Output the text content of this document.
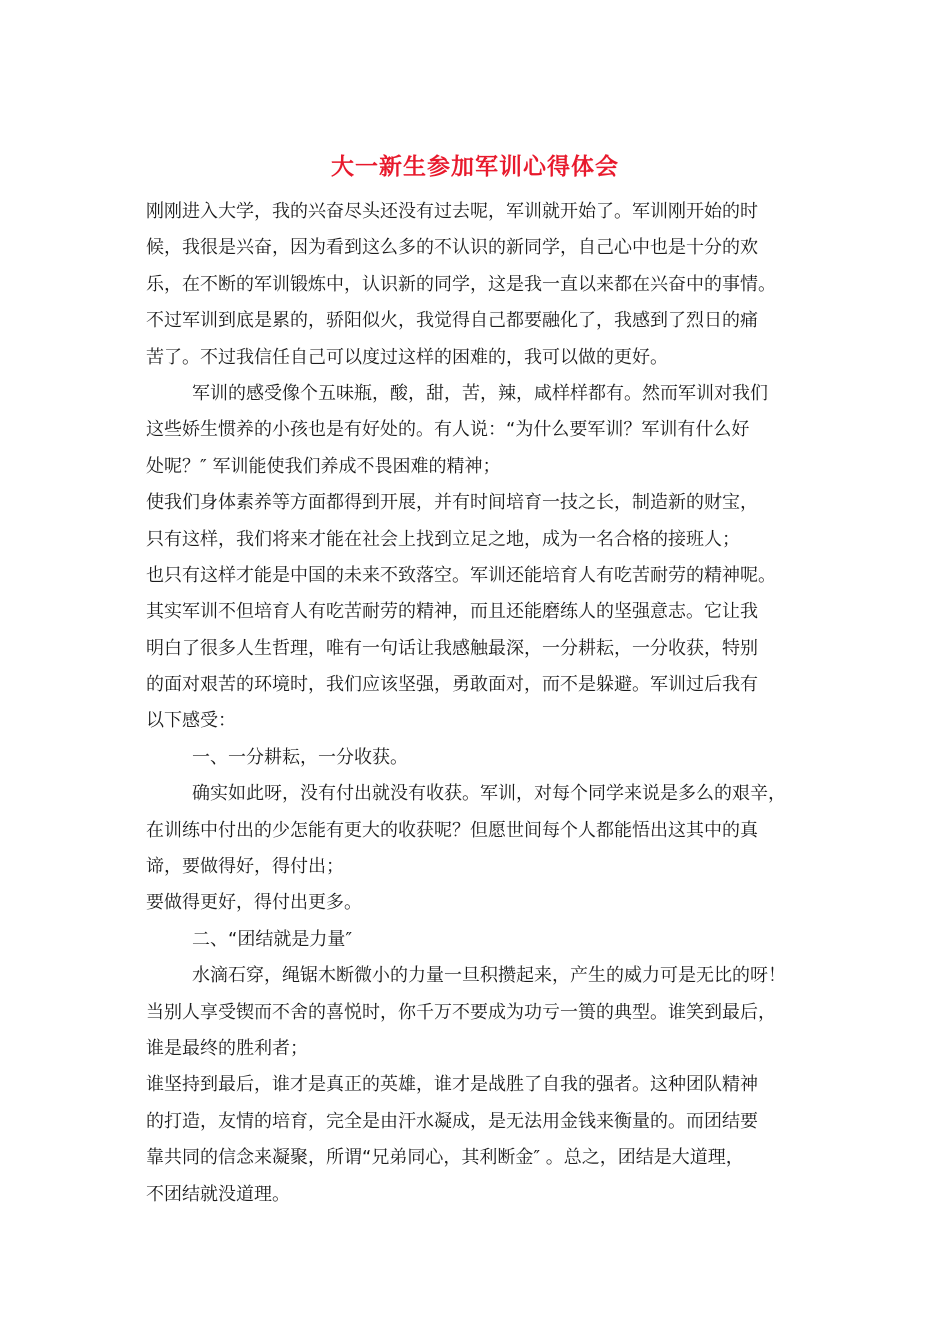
大一新生参加军训心得体会
刚刚进入大学，我的兴奋尽头还没有过去呢，军训就开始了。军训刚开始的时
候，我很是兴奋，因为看到这么多的不认识的新同学，自己心中也是十分的欢
乐，在不断的军训锻炼中，认识新的同学，这是我一直以来都在兴奋中的事情。
不过军训到底是累的，骄阳似火，我觉得自己都要融化了，我感到了烈日的痛
苦了。不过我信任自己可以度过这样的困难的，我可以做的更好。
军训的感受像个五味瓶，酸，甜，苦，辣，咸样样都有。然而军训对我们
这些娇生惯养的小孩也是有好处的。有人说：“为什么要军训？军训有什么好
处呢？″ 军训能使我们养成不畏困难的精神；
使我们身体素养等方面都得到开展，并有时间培育一技之长，制造新的财宝，
只有这样，我们将来才能在社会上找到立足之地，成为一名合格的接班人；
也只有这样才能是中国的未来不致落空。军训还能培育人有吃苦耐劳的精神呢。
其实军训不但培育人有吃苦耐劳的精神，而且还能磨练人的坚强意志。它让我
明白了很多人生哲理，唯有一句话让我感触最深，一分耕耘，一分收获，特别
的面对艰苦的环境时，我们应该坚强，勇敢面对，而不是躲避。军训过后我有
以下感受：
一、一分耕耘，一分收获。
确实如此呀，没有付出就没有收获。军训，对每个同学来说是多么的艰辛，
在训练中付出的少怎能有更大的收获呢？但愿世间每个人都能悟出这其中的真
谛，要做得好，得付出；
要做得更好，得付出更多。
二、“团结就是力量″
水滴石穿，绳锯木断微小的力量一旦积攒起来，产生的威力可是无比的呀！
当别人享受锲而不舍的喜悦时，你千万不要成为功亏一篑的典型。谁笑到最后，
谁是最终的胜利者；
谁坚持到最后，谁才是真正的英雄，谁才是战胜了自我的强者。这种团队精神
的打造，友情的培育，完全是由汗水凝成，是无法用金钱来衡量的。而团结要
靠共同的信念来凝聚，所谓“兄弟同心，其利断金″ 。总之，团结是大道理，
不团结就没道理。
